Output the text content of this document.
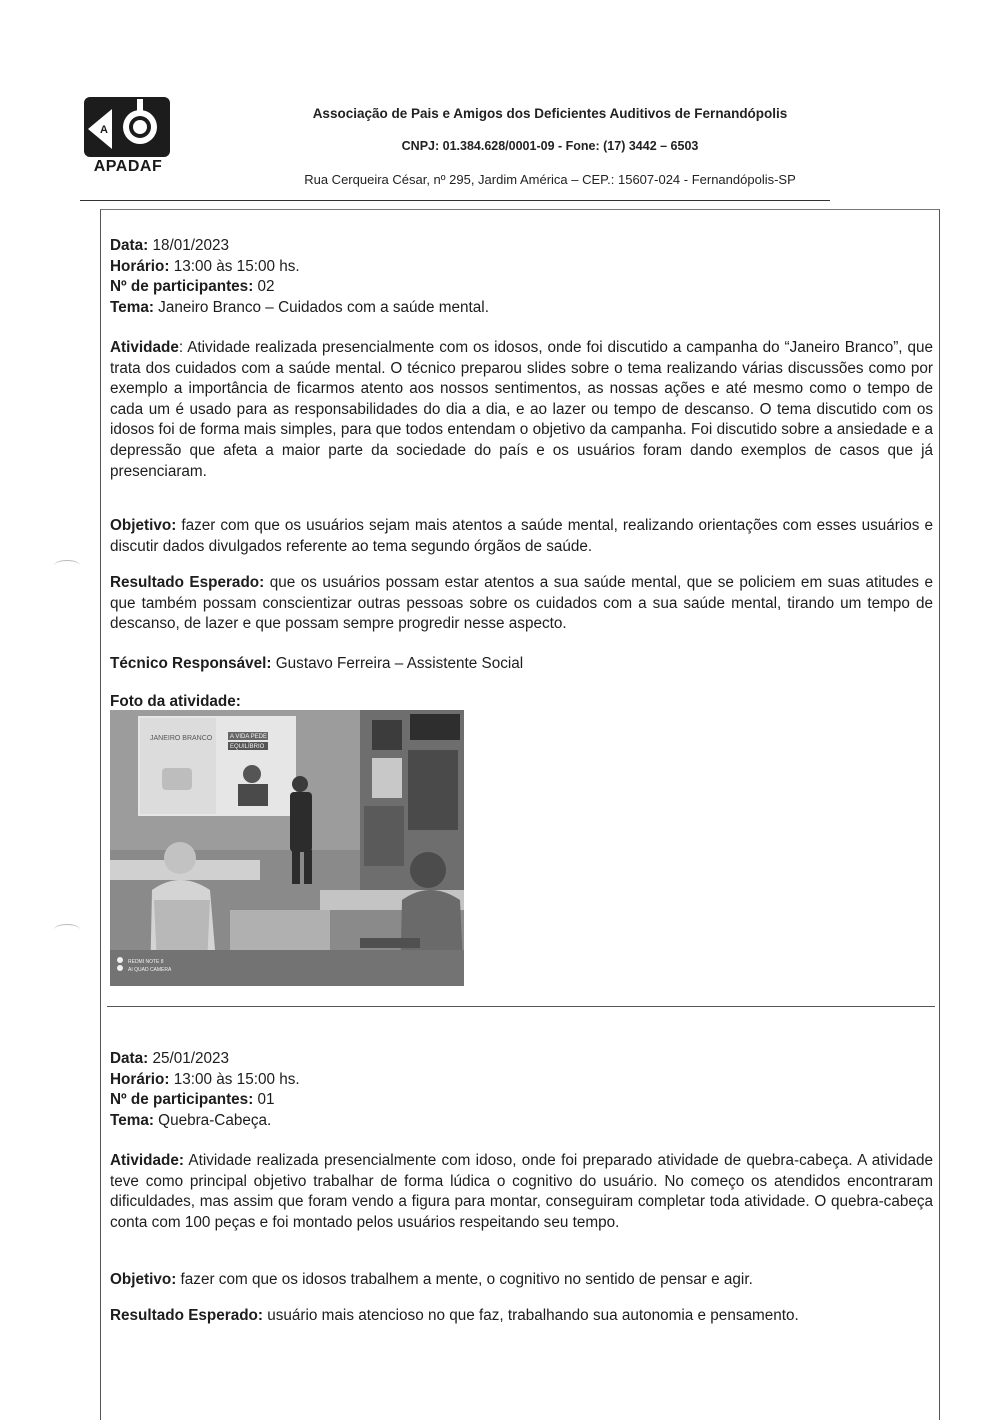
A
APADAF
Associação de Pais e Amigos dos Deficientes Auditivos de Fernandópolis
CNPJ: 01.384.628/0001-09 - Fone: (17) 3442 – 6503
Rua Cerqueira César, nº 295, Jardim América – CEP.: 15607-024 - Fernandópolis-SP
Data: 18/01/2023
Horário: 13:00 às 15:00 hs.
Nº de participantes: 02
Tema: Janeiro Branco – Cuidados com a saúde mental.
Atividade: Atividade realizada presencialmente com os idosos, onde foi discutido a campanha do “Janeiro Branco”, que trata dos cuidados com a saúde mental. O técnico preparou slides sobre o tema realizando várias discussões como por exemplo a importância de ficarmos atento aos nossos sentimentos, as nossas ações e até mesmo como o tempo de cada um é usado para as responsabilidades do dia a dia, e ao lazer ou tempo de descanso. O tema discutido com os idosos foi de forma mais simples, para que todos entendam o objetivo da campanha. Foi discutido sobre a ansiedade e a depressão que afeta a maior parte da sociedade do país e os usuários foram dando exemplos de casos que já presenciaram.
Objetivo: fazer com que os usuários sejam mais atentos a saúde mental, realizando orientações com esses usuários e discutir dados divulgados referente ao tema segundo órgãos de saúde.
Resultado Esperado: que os usuários possam estar atentos a sua saúde mental, que se policiem em suas atitudes e que também possam conscientizar outras pessoas sobre os cuidados com a sua saúde mental, tirando um tempo de descanso, de lazer e que possam sempre progredir nesse aspecto.
Técnico Responsável: Gustavo Ferreira – Assistente Social
Foto da atividade:
JANEIRO BRANCO	A VIDA PEDE
EQUILÍBRIO
REDMI NOTE 8
AI QUAD CAMERA
Data: 25/01/2023
Horário: 13:00 às 15:00 hs.
Nº de participantes: 01
Tema: Quebra-Cabeça.
Atividade: Atividade realizada presencialmente com idoso, onde foi preparado atividade de quebra-cabeça. A atividade teve como principal objetivo trabalhar de forma lúdica o cognitivo do usuário. No começo os atendidos encontraram dificuldades, mas assim que foram vendo a figura para montar, conseguiram completar toda atividade. O quebra-cabeça conta com 100 peças e foi montado pelos usuários respeitando seu tempo.
Objetivo: fazer com que os idosos trabalhem a mente, o cognitivo no sentido de pensar e agir.
Resultado Esperado: usuário mais atencioso no que faz, trabalhando sua autonomia e pensamento.
